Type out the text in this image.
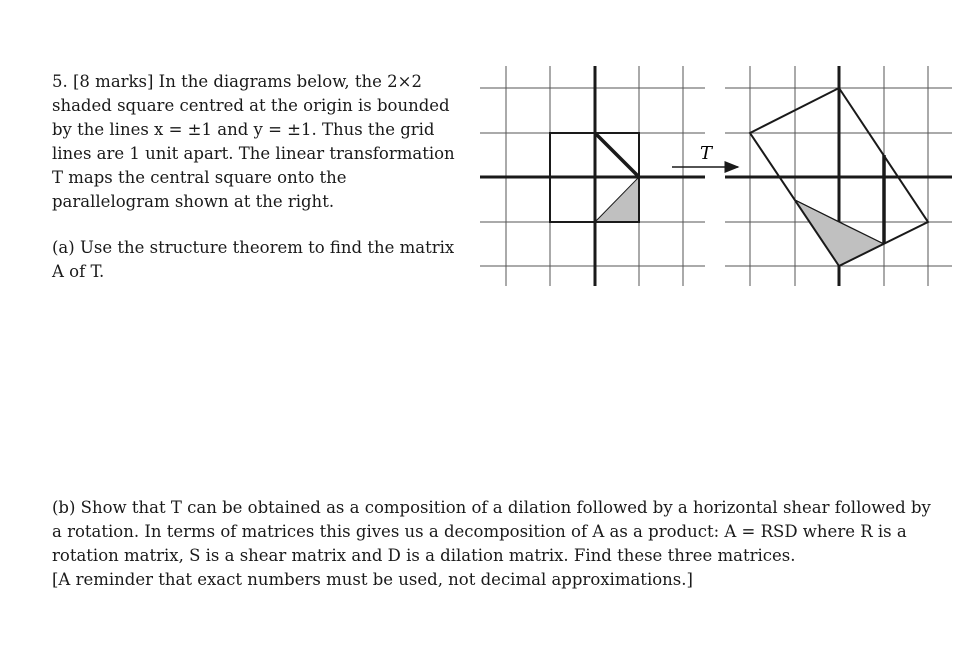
5. [8 marks] In the diagrams below, the 2×2
shaded square centred at the origin is bounded
by the lines x = ±1 and y = ±1. Thus the grid
lines are 1 unit apart. The linear transformation
T maps the central square onto the
parallelogram shown at the right.
(a) Use the structure theorem to find the matrix
A of T.
(b) Show that T can be obtained as a composition of a dilation followed by a horizontal shear followed by
a rotation. In terms of matrices this gives us a decomposition of A as a product: A = RSD where R is a
rotation matrix, S is a shear matrix and D is a dilation matrix. Find these three matrices.
[A reminder that exact numbers must be used, not decimal approximations.]
T
